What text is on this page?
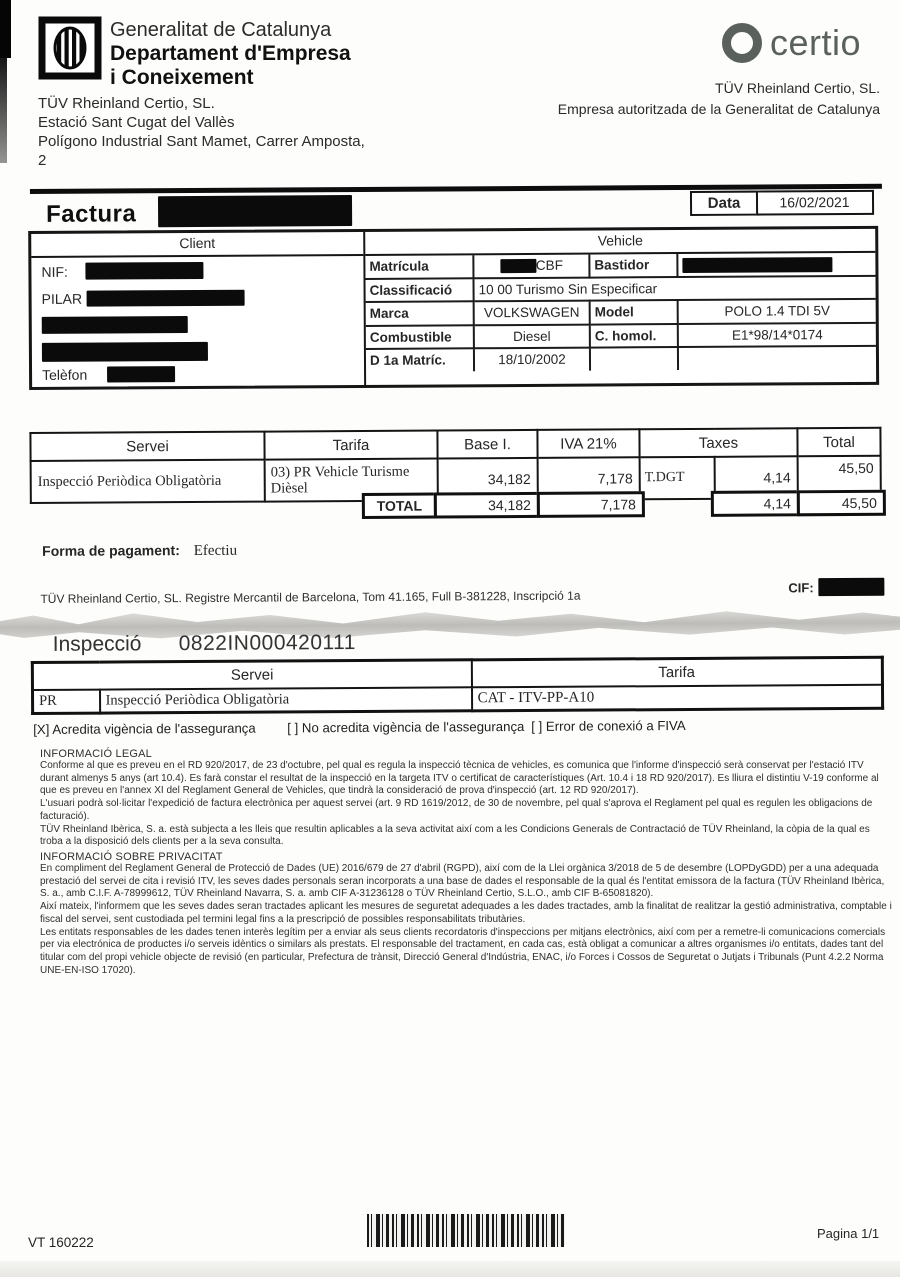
Generalitat de Catalunya
Departament d'Empresa
i Coneixement
TÜV Rheinland Certio, SL.
Estació Sant Cugat del Vallès
Polígono Industrial Sant Mamet, Carrer Amposta,
2
certio
TÜV Rheinland Certio, SL.
Empresa autoritzada de la Generalitat de Catalunya
Factura	Data	16/02/2021
Client
NIF:
PILAR
Telèfon
Vehicle
Matrícula	CBF	Bastidor	
Classificació	10 00 Turismo Sin Especificar		
Marca	VOLKSWAGEN	Model	POLO 1.4 TDI 5V
Combustible	Diesel	C. homol.	E1*98/14*0174
D 1a Matríc.	18/10/2002		
Servei	Tarifa	Base I.	IVA 21%	Taxes		Total
Inspecció Periòdica Obligatòria	03) PR Vehicle Turisme Dièsel	34,182	7,178	T.DGT	4,14	45,50
TOTAL	34,182	7,178	4,14	45,50
Forma de pagament: Efectiu
TÜV Rheinland Certio, SL. Registre Mercantil de Barcelona, Tom 41.165, Full B-381228, Inscripció 1a
CIF:
Inspecció 0822IN000420111
Servei		Tarifa
PR	Inspecció Periòdica Obligatòria	CAT - ITV-PP-A10
[X] Acredita vigència de l'assegurança [ ] No acredita vigència de l'assegurança [ ] Error de conexió a FIVA
INFORMACIÓ LEGAL

Conforme al que es preveu en el RD 920/2017, de 23 d'octubre, pel qual es regula la inspecció tècnica de vehicles, es comunica que l'informe d'inspecció serà conservat per l'estació ITV durant almenys 5 anys (art 10.4). Es farà constar el resultat de la inspecció en la targeta ITV o certificat de característiques (Art. 10.4 i 18 RD 920/2017). Es lliura el distintiu V-19 conforme al que es preveu en l'annex XI del Reglament General de Vehicles, que tindrà la consideració de prova d'inspecció (art. 12 RD 920/2017).

L'usuari podrà sol·licitar l'expedició de factura electrònica per aquest servei (art. 9 RD 1619/2012, de 30 de novembre, pel qual s'aprova el Reglament pel qual es regulen les obligacions de facturació).

TÜV Rheinland Ibèrica, S. a. està subjecta a les lleis que resultin aplicables a la seva activitat així com a les Condicions Generals de Contractació de TÜV Rheinland, la còpia de la qual es troba a la disposició dels clients per a la seva consulta.

INFORMACIÓ SOBRE PRIVACITAT

En compliment del Reglament General de Protecció de Dades (UE) 2016/679 de 27 d'abril (RGPD), així com de la Llei orgànica 3/2018 de 5 de desembre (LOPDyGDD) per a una adequada prestació del servei de cita i revisió ITV, les seves dades personals seran incorporats a una base de dades el responsable de la qual és l'entitat emissora de la factura (TÜV Rheinland Ibèrica, S. a., amb C.I.F. A-78999612, TÜV Rheinland Navarra, S. a. amb CIF A-31236128 o TÜV Rheinland Certio, S.L.O., amb CIF B-65081820).

Així mateix, l'informem que les seves dades seran tractades aplicant les mesures de seguretat adequades a les dades tractades, amb la finalitat de realitzar la gestió administrativa, comptable i fiscal del servei, sent custodiada pel termini legal fins a la prescripció de possibles responsabilitats tributàries.

Les entitats responsables de les dades tenen interès legítim per a enviar als seus clients recordatoris d'inspeccions per mitjans electrònics, així com per a remetre-li comunicacions comercials per via electrónica de productes i/o serveis idèntics o similars als prestats. El responsable del tractament, en cada cas, està obligat a comunicar a altres organismes i/o entitats, dades tant del titular com del propi vehicle objecte de revisió (en particular, Prefectura de trànsit, Direcció General d'Indústria, ENAC, i/o Forces i Cossos de Seguretat o Jutjats i Tribunals (Punt 4.2.2 Norma UNE-EN-ISO 17020).

VT 160222
Pagina 1/1
